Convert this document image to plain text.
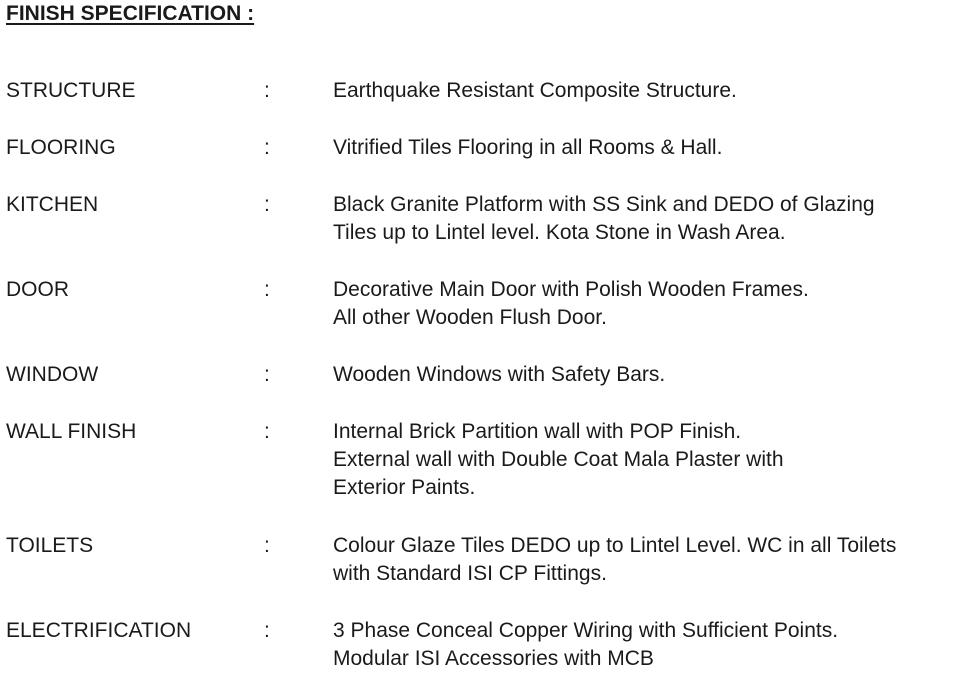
FINISH SPECIFICATION :
STRUCTURE	:	Earthquake Resistant Composite Structure.
FLOORING	:	Vitrified Tiles Flooring in all Rooms & Hall.
KITCHEN	:	Black Granite Platform with SS Sink and DEDO of Glazing
Tiles up to Lintel level. Kota Stone in Wash Area.
DOOR	:	Decorative Main Door with Polish Wooden Frames.
All other Wooden Flush Door.
WINDOW	:	Wooden Windows with Safety Bars.
WALL FINISH	:	Internal Brick Partition wall with POP Finish.
External wall with Double Coat Mala Plaster with
Exterior Paints.
TOILETS	:	Colour Glaze Tiles DEDO up to Lintel Level. WC in all Toilets
with Standard ISI CP Fittings.
ELECTRIFICATION	:	3 Phase Conceal Copper Wiring with Sufficient Points.
Modular ISI Accessories with MCB
